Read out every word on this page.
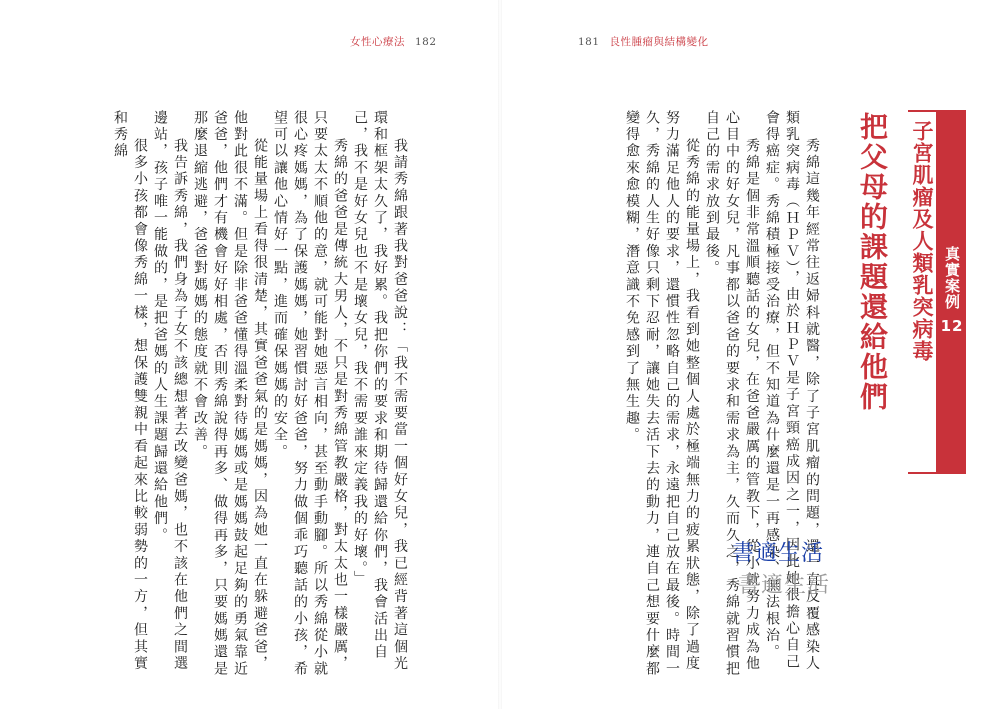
女性心療法 182	181 良性腫瘤與結構變化
真實案例12
子宮肌瘤及人類乳突病毒
把父母的課題還給他們

秀綿這幾年經常往返婦科就醫，除了子宮肌瘤的問題，還一直反覆感染人類乳突病毒（ＨＰＶ），由於ＨＰＶ是子宮頸癌成因之一，因此她很擔心自己會得癌症。秀綿積極接受治療，但不知道為什麼還是一再感染、無法根治。

秀綿是個非常溫順聽話的女兒，在爸爸嚴厲的管教下，從小就努力成為他心目中的好女兒，凡事都以爸爸的要求和需求為主，久而久之，秀綿就習慣把自己的需求放到最後。

從秀綿的能量場上，我看到她整個人處於極端無力的疲累狀態，除了過度努力滿足他人的要求，還慣性忽略自己的需求，永遠把自己放在最後。時間一久，秀綿的人生好像只剩下忍耐，讓她失去活下去的動力，連自己想要什麼都變得愈來愈模糊，潛意識不免感到了無生趣。

我請秀綿跟著我對爸爸說：「我不需要當一個好女兒，我已經背著這個光環和框架太久了，我好累。我把你們的要求和期待歸還給你們，我會活出自己，我不是好女兒也不是壞女兒，我不需要誰來定義我的好壞。」

秀綿的爸爸是傳統大男人，不只是對秀綿管教嚴格，對太太也一樣嚴厲，只要太太不順他的意，就可能對她惡言相向，甚至動手動腳。所以秀綿從小就很心疼媽媽，為了保護媽媽，她習慣討好爸爸，努力做個乖巧聽話的小孩，希望可以讓他心情好一點，進而確保媽媽的安全。

從能量場上看得很清楚，其實爸爸氣的是媽媽，因為她一直在躲避爸爸，他對此很不滿。但是除非爸爸懂得溫柔對待媽媽或是媽媽鼓起足夠的勇氣靠近爸爸，他們才有機會好好相處，否則秀綿說得再多、做得再多，只要媽媽還是那麼退縮逃避，爸爸對媽媽的態度就不會改善。

我告訴秀綿，我們身為子女不該總想著去改變爸媽，也不該在他們之間選邊站，孩子唯一能做的，是把爸媽的人生課題歸還給他們。

很多小孩都會像秀綿一樣，想保護雙親中看起來比較弱勢的一方，但其實和秀綿

書適生活
書適生活
